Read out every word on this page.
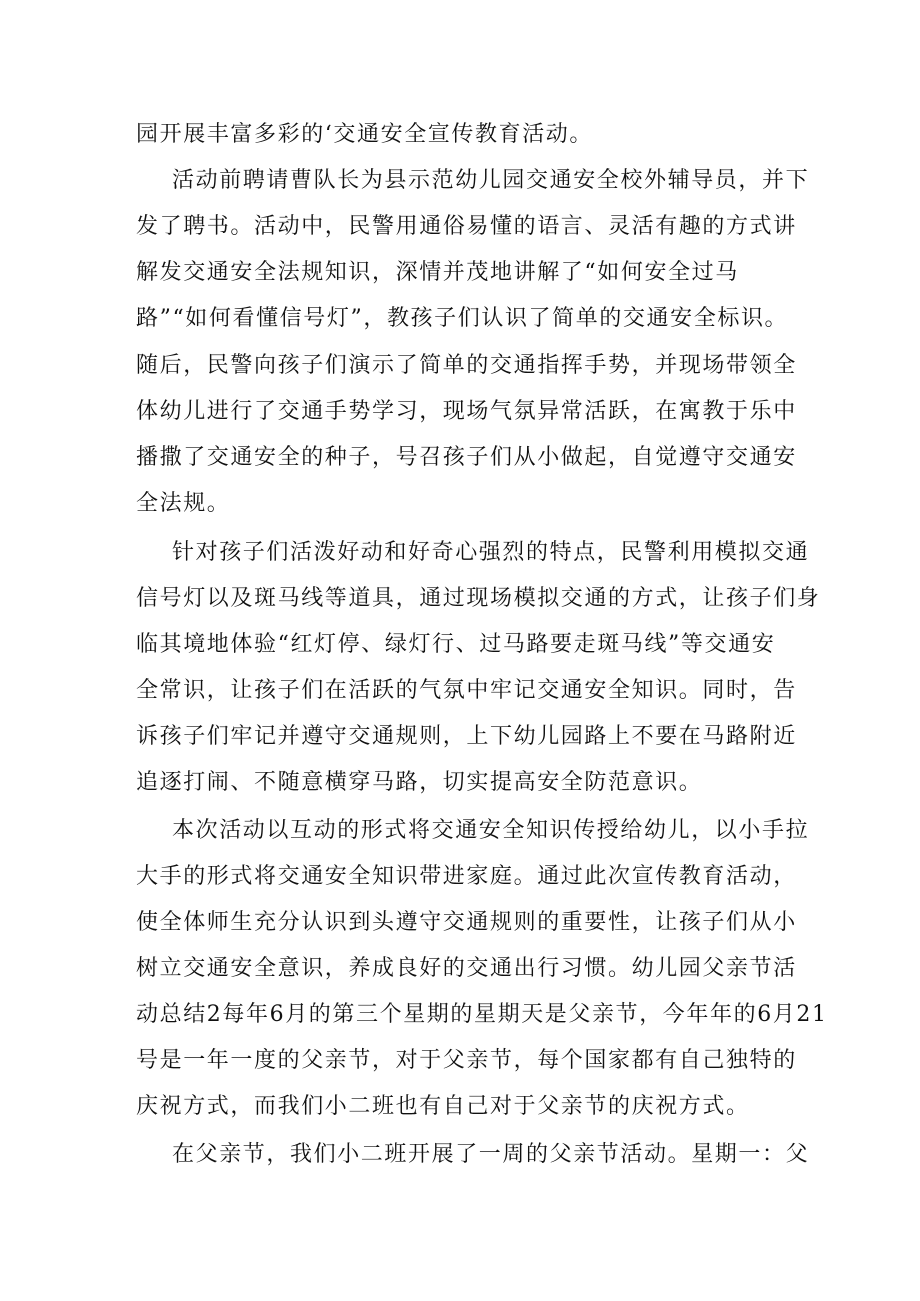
园开展丰富多彩的‘交通安全宣传教育活动。

活动前聘请曹队长为县示范幼儿园交通安全校外辅导员，并下

发了聘书。活动中，民警用通俗易懂的语言、灵活有趣的方式讲

解发交通安全法规知识，深情并茂地讲解了“如何安全过马

路”“如何看懂信号灯”，教孩子们认识了简单的交通安全标识。

随后，民警向孩子们演示了简单的交通指挥手势，并现场带领全

体幼儿进行了交通手势学习，现场气氛异常活跃，在寓教于乐中

播撒了交通安全的种子，号召孩子们从小做起，自觉遵守交通安

全法规。

针对孩子们活泼好动和好奇心强烈的特点，民警利用模拟交通

信号灯以及斑马线等道具，通过现场模拟交通的方式，让孩子们身

临其境地体验“红灯停、绿灯行、过马路要走斑马线”等交通安

全常识，让孩子们在活跃的气氛中牢记交通安全知识。同时，告

诉孩子们牢记并遵守交通规则，上下幼儿园路上不要在马路附近

追逐打闹、不随意横穿马路，切实提高安全防范意识。

本次活动以互动的形式将交通安全知识传授给幼儿，以小手拉

大手的形式将交通安全知识带进家庭。通过此次宣传教育活动，

使全体师生充分认识到头遵守交通规则的重要性，让孩子们从小

树立交通安全意识，养成良好的交通出行习惯。幼儿园父亲节活

动总结2每年6月的第三个星期的星期天是父亲节，今年年的6月21

号是一年一度的父亲节，对于父亲节，每个国家都有自己独特的

庆祝方式，而我们小二班也有自己对于父亲节的庆祝方式。

在父亲节，我们小二班开展了一周的父亲节活动。星期一：父
